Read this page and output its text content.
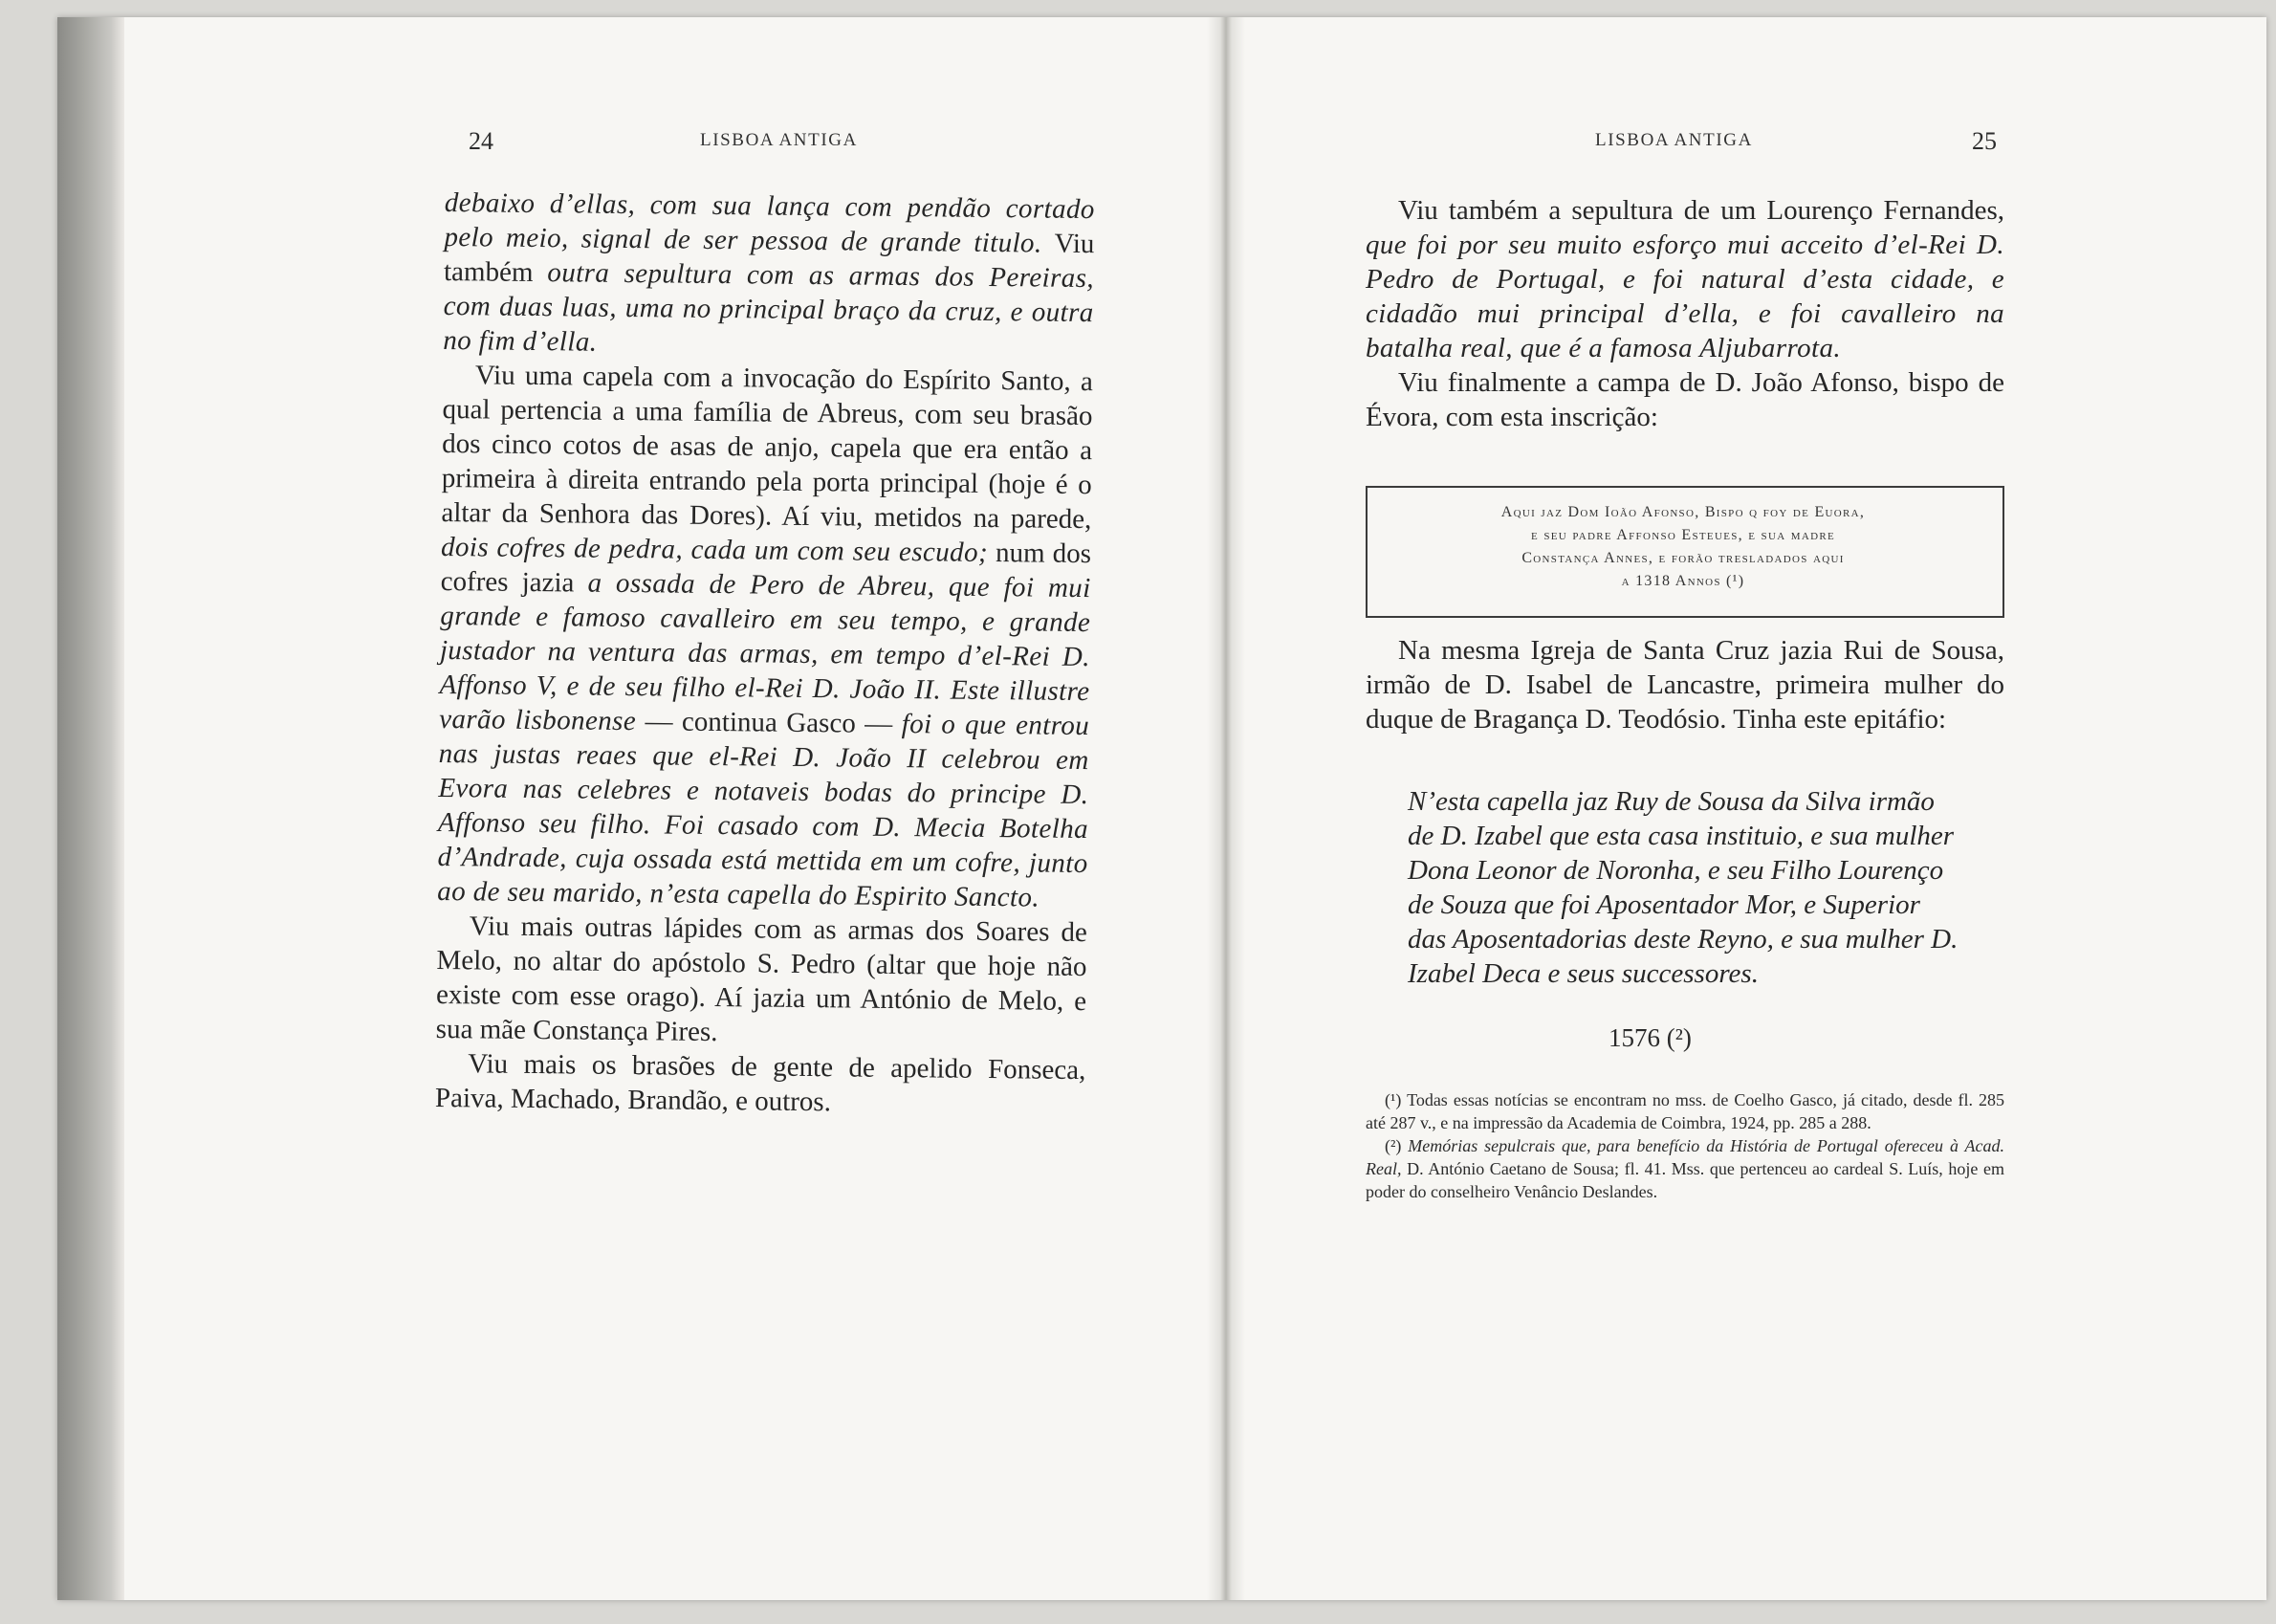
24	LISBOA ANTIGA

debaixo d’ellas, com sua lança com pendão cortado pelo meio, signal de ser pessoa de grande titulo. Viu também outra sepultura com as armas dos Pereiras, com duas luas, uma no principal braço da cruz, e outra no fim d’ella.

Viu uma capela com a invocação do Espírito Santo, a qual pertencia a uma família de Abreus, com seu brasão dos cinco cotos de asas de anjo, capela que era então a primeira à direita entrando pela porta principal (hoje é o altar da Senhora das Dores). Aí viu, metidos na parede, dois cofres de pedra, cada um com seu escudo; num dos cofres jazia a ossada de Pero de Abreu, que foi mui grande e famoso cavalleiro em seu tempo, e grande justador na ventura das armas, em tempo d’el-Rei D. Affonso V, e de seu filho el-Rei D. João II. Este illustre varão lisbonense — continua Gasco — foi o que entrou nas justas reaes que el-Rei D. João II celebrou em Evora nas celebres e notaveis bodas do principe D. Affonso seu filho. Foi casado com D. Mecia Botelha d’Andrade, cuja ossada está mettida em um cofre, junto ao de seu marido, n’esta capella do Espirito Sancto.

Viu mais outras lápides com as armas dos Soares de Melo, no altar do apóstolo S. Pedro (altar que hoje não existe com esse orago). Aí jazia um António de Melo, e sua mãe Constança Pires.

Viu mais os brasões de gente de apelido Fonseca, Paiva, Machado, Brandão, e outros.

LISBOA ANTIGA	25

Viu também a sepultura de um Lourenço Fernandes, que foi por seu muito esforço mui acceito d’el-Rei D. Pedro de Portugal, e foi natural d’esta cidade, e cidadão mui principal d’ella, e foi cavalleiro na batalha real, que é a famosa Aljubarrota.

Viu finalmente a campa de D. João Afonso, bispo de Évora, com esta inscrição:

Aqui jaz Dom Ioão Afonso, Bispo q foy de Euora,
e seu padre Affonso Esteues, e sua madre
Constança Annes, e forão tresladados aqui
a 1318 Annos (¹)

Na mesma Igreja de Santa Cruz jazia Rui de Sousa, irmão de D. Isabel de Lancastre, primeira mulher do duque de Bragança D. Teodósio. Tinha este epitáfio:

N’esta capella jaz Ruy de Sousa da Silva irmão de D. Izabel que esta casa instituio, e sua mulher Dona Leonor de Noronha, e seu Filho Lourenço de Souza que foi Aposentador Mor, e Superior das Aposentadorias deste Reyno, e sua mulher D. Izabel Deca e seus successores.
1576 (²)

(¹) Todas essas notícias se encontram no mss. de Coelho Gasco, já citado, desde fl. 285 até 287 v., e na impressão da Academia de Coimbra, 1924, pp. 285 a 288.

(²) Memórias sepulcrais que, para benefício da História de Portugal ofereceu à Acad. Real, D. António Caetano de Sousa; fl. 41. Mss. que pertenceu ao cardeal S. Luís, hoje em poder do conselheiro Venâncio Deslandes.
